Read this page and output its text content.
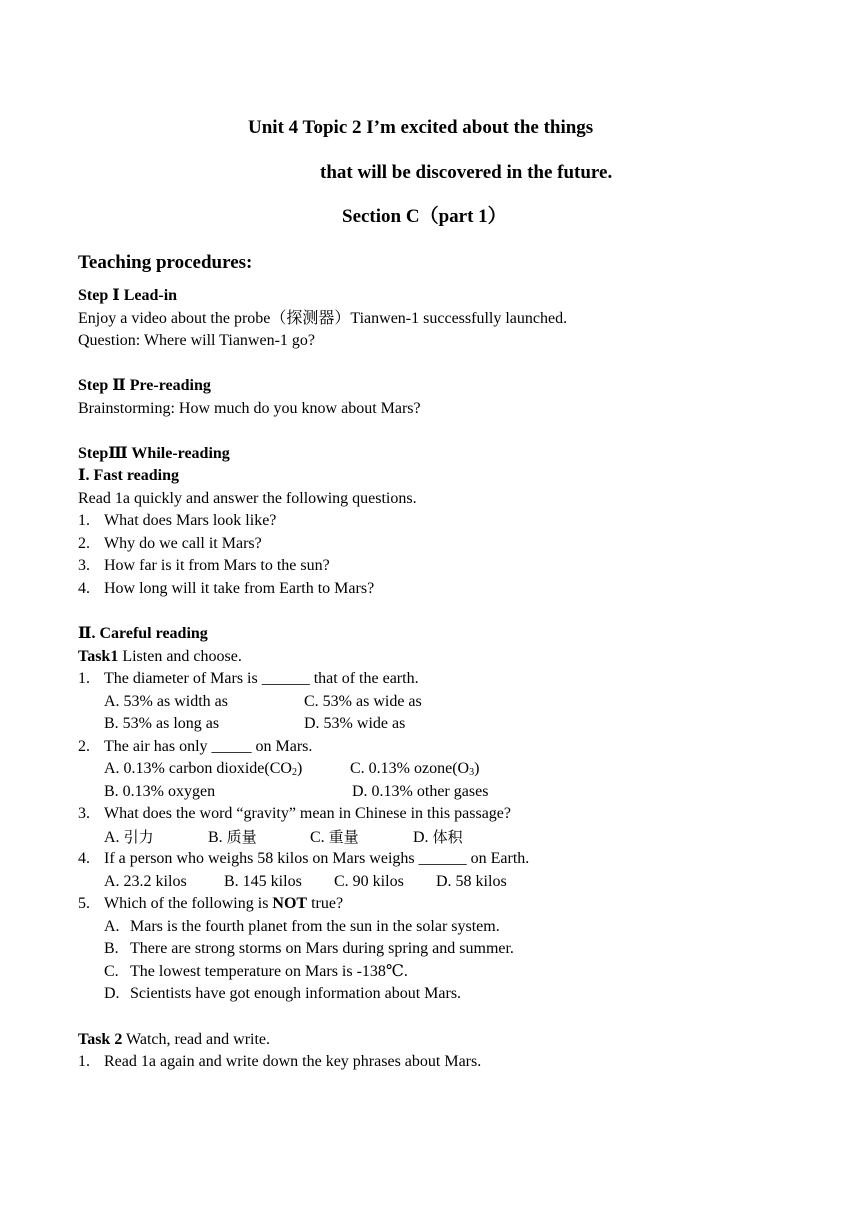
Unit 4 Topic 2 I’m excited about the things
that will be discovered in the future.
Section C（part 1）
Teaching procedures:
Step Ⅰ Lead-in
Enjoy a video about the probe（探测器）Tianwen-1 successfully launched.
Question: Where will Tianwen-1 go?
Step Ⅱ Pre-reading
Brainstorming: How much do you know about Mars?
StepⅢ While-reading
Ⅰ. Fast reading
Read 1a quickly and answer the following questions.
1. What does Mars look like?
2. Why do we call it Mars?
3. How far is it from Mars to the sun?
4. How long will it take from Earth to Mars?
Ⅱ. Careful reading
Task1 Listen and choose.
1. The diameter of Mars is ______ that of the earth.
A. 53% as width as	C. 53% as wide as
B. 53% as long as	D. 53% wide as
2. The air has only _____ on Mars.
A. 0.13% carbon $dioxide(CO_2)$	C. 0.13% $ozone(O_3)$
B. 0.13% oxygen	D. 0.13% other gases
3. What does the word “gravity” mean in Chinese in this passage?
A. 引力	B. 质量	C. 重量	D. 体积
4. If a person who weighs 58 kilos on Mars weighs ______ on Earth.
A. 23.2 kilos B. 145 kilos C. 90 kilos D. 58 kilos
5. Which of the following is NOT true?
A. Mars is the fourth planet from the sun in the solar system.
B. There are strong storms on Mars during spring and summer.
C. The lowest temperature on Mars is -138℃.
D. Scientists have got enough information about Mars.
Task 2 Watch, read and write.
1. Read 1a again and write down the key phrases about Mars.
